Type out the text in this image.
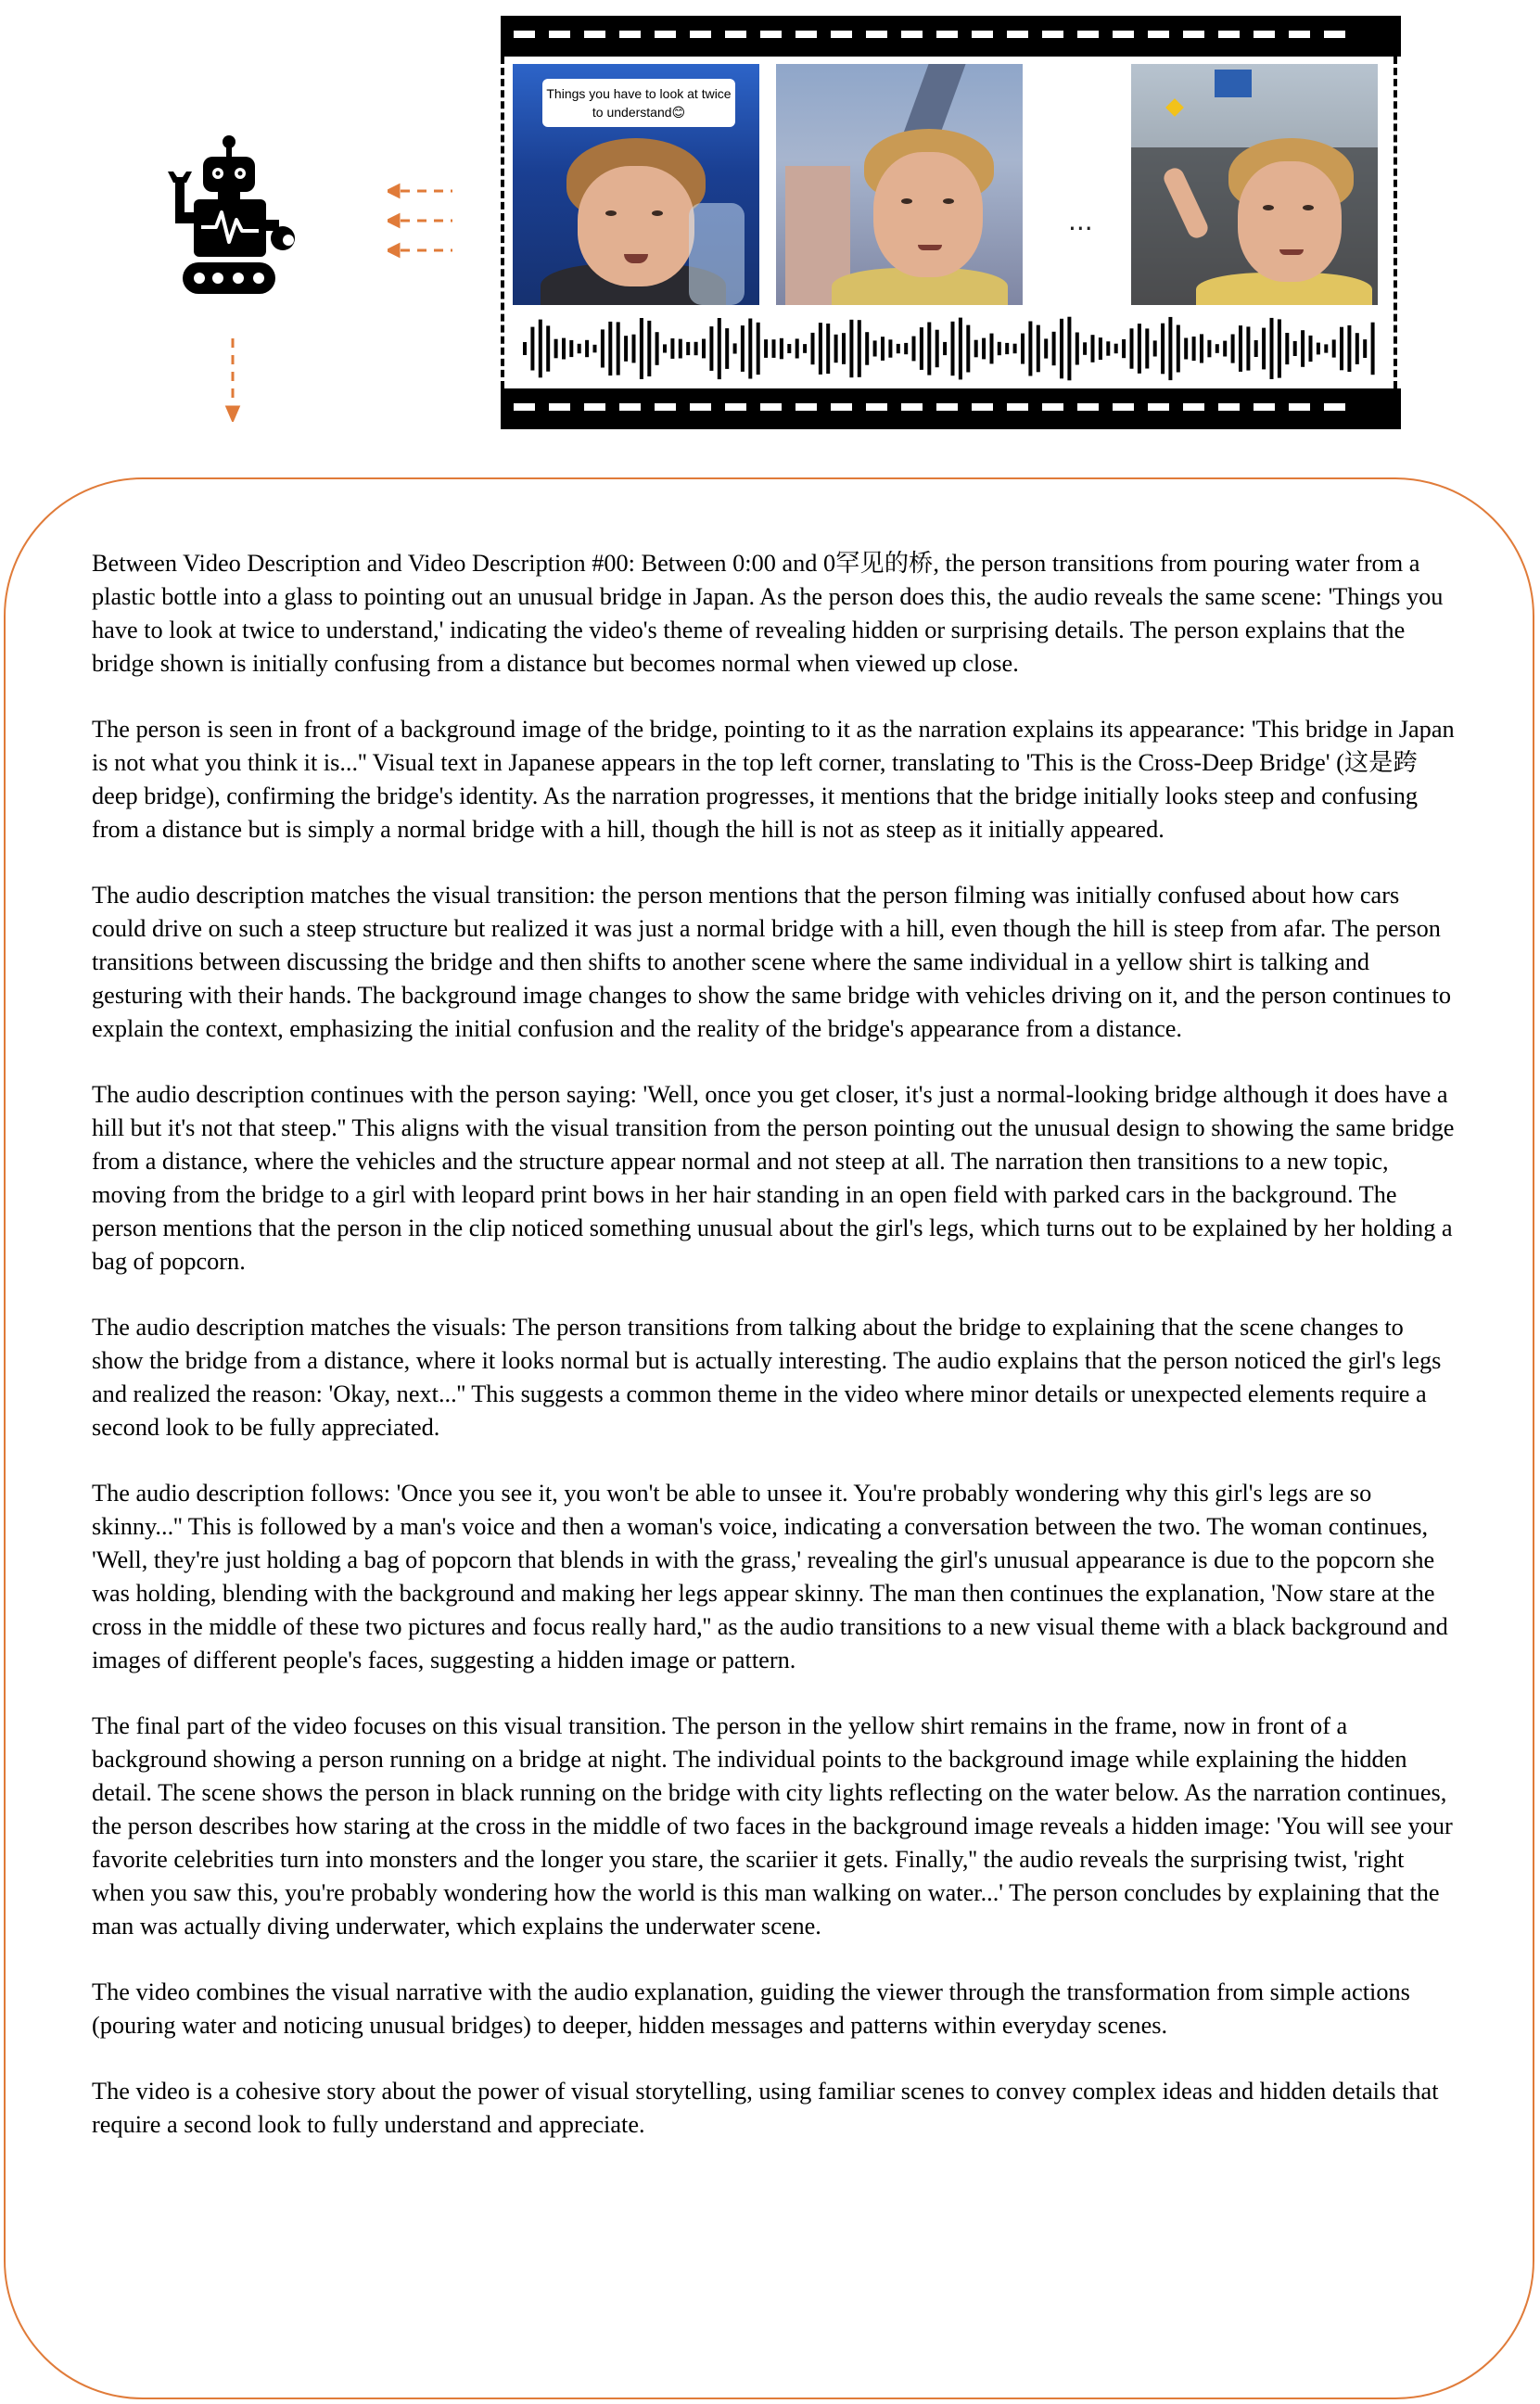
Things you have to look at twice to understand😊
...

Between Video Description and Video Description #00: Between 0:00 and 0罕见的桥, the person transitions from pouring water from a plastic bottle into a glass to pointing out an unusual bridge in Japan. As the person does this, the audio reveals the same scene: 'Things you have to look at twice to understand,' indicating the video's theme of revealing hidden or surprising details. The person explains that the bridge shown is initially confusing from a distance but becomes normal when viewed up close.

The person is seen in front of a background image of the bridge, pointing to it as the narration explains its appearance: 'This bridge in Japan is not what you think it is...'' Visual text in Japanese appears in the top left corner, translating to 'This is the Cross-Deep Bridge' (这是跨deep bridge), confirming the bridge's identity. As the narration progresses, it mentions that the bridge initially looks steep and confusing from a distance but is simply a normal bridge with a hill, though the hill is not as steep as it initially appeared.

The audio description matches the visual transition: the person mentions that the person filming was initially confused about how cars could drive on such a steep structure but realized it was just a normal bridge with a hill, even though the hill is steep from afar. The person transitions between discussing the bridge and then shifts to another scene where the same individual in a yellow shirt is talking and gesturing with their hands. The background image changes to show the same bridge with vehicles driving on it, and the person continues to explain the context, emphasizing the initial confusion and the reality of the bridge's appearance from a distance.

The audio description continues with the person saying: 'Well, once you get closer, it's just a normal-looking bridge although it does have a hill but it's not that steep.'' This aligns with the visual transition from the person pointing out the unusual design to showing the same bridge from a distance, where the vehicles and the structure appear normal and not steep at all. The narration then transitions to a new topic, moving from the bridge to a girl with leopard print bows in her hair standing in an open field with parked cars in the background. The person mentions that the person in the clip noticed something unusual about the girl's legs, which turns out to be explained by her holding a bag of popcorn.

The audio description matches the visuals: The person transitions from talking about the bridge to explaining that the scene changes to show the bridge from a distance, where it looks normal but is actually interesting. The audio explains that the person noticed the girl's legs and realized the reason: 'Okay, next...'' This suggests a common theme in the video where minor details or unexpected elements require a second look to be fully appreciated.

The audio description follows: 'Once you see it, you won't be able to unsee it. You're probably wondering why this girl's legs are so skinny...'' This is followed by a man's voice and then a woman's voice, indicating a conversation between the two. The woman continues, 'Well, they're just holding a bag of popcorn that blends in with the grass,' revealing the girl's unusual appearance is due to the popcorn she was holding, blending with the background and making her legs appear skinny. The man then continues the explanation, 'Now stare at the cross in the middle of these two pictures and focus really hard,'' as the audio transitions to a new visual theme with a black background and images of different people's faces, suggesting a hidden image or pattern.

The final part of the video focuses on this visual transition. The person in the yellow shirt remains in the frame, now in front of a background showing a person running on a bridge at night. The individual points to the background image while explaining the hidden detail. The scene shows the person in black running on the bridge with city lights reflecting on the water below. As the narration continues, the person describes how staring at the cross in the middle of two faces in the background image reveals a hidden image: 'You will see your favorite celebrities turn into monsters and the longer you stare, the scariier it gets. Finally,'' the audio reveals the surprising twist, 'right when you saw this, you're probably wondering how the world is this man walking on water...' The person concludes by explaining that the man was actually diving underwater, which explains the underwater scene.

The video combines the visual narrative with the audio explanation, guiding the viewer through the transformation from simple actions (pouring water and noticing unusual bridges) to deeper, hidden messages and patterns within everyday scenes.

The video is a cohesive story about the power of visual storytelling, using familiar scenes to convey complex ideas and hidden details that require a second look to fully understand and appreciate.
